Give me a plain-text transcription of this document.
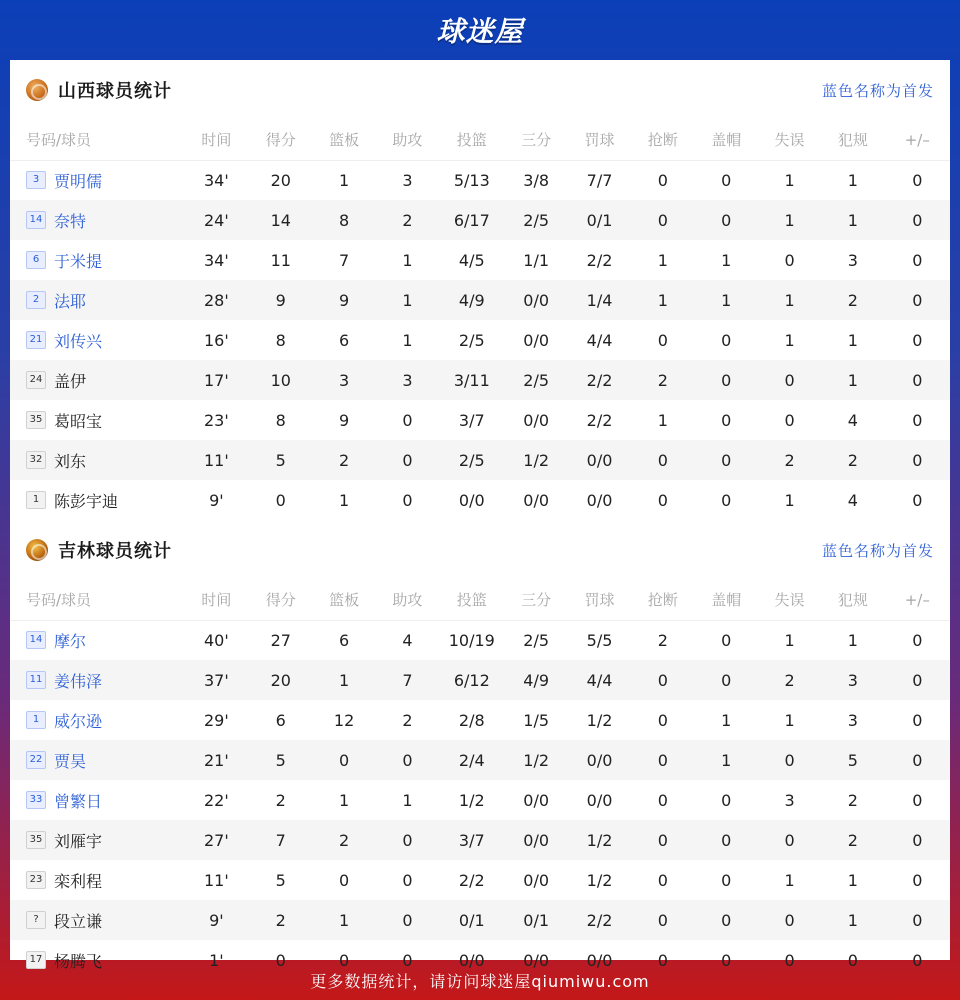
球迷屋
山西球员统计	蓝色名称为首发
号码/球员	时间	得分	篮板	助攻	投篮	三分	罚球	抢断	盖帽	失误	犯规	+/–
3 贾明儒	34'	20	1	3	5/13	3/8	7/7	0	0	1	1	0
14 奈特	24'	14	8	2	6/17	2/5	0/1	0	0	1	1	0
6 于米提	34'	11	7	1	4/5	1/1	2/2	1	1	0	3	0
2 法耶	28'	9	9	1	4/9	0/0	1/4	1	1	1	2	0
21 刘传兴	16'	8	6	1	2/5	0/0	4/4	0	0	1	1	0
24 盖伊	17'	10	3	3	3/11	2/5	2/2	2	0	0	1	0
35 葛昭宝	23'	8	9	0	3/7	0/0	2/2	1	0	0	4	0
32 刘东	11'	5	2	0	2/5	1/2	0/0	0	0	2	2	0
1 陈彭宇迪	9'	0	1	0	0/0	0/0	0/0	0	0	1	4	0
吉林球员统计	蓝色名称为首发
号码/球员	时间	得分	篮板	助攻	投篮	三分	罚球	抢断	盖帽	失误	犯规	+/–
14 摩尔	40'	27	6	4	10/19	2/5	5/5	2	0	1	1	0
11 姜伟泽	37'	20	1	7	6/12	4/9	4/4	0	0	2	3	0
1 威尔逊	29'	6	12	2	2/8	1/5	1/2	0	1	1	3	0
22 贾昊	21'	5	0	0	2/4	1/2	0/0	0	1	0	5	0
33 曾繁日	22'	2	1	1	1/2	0/0	0/0	0	0	3	2	0
35 刘雁宇	27'	7	2	0	3/7	0/0	1/2	0	0	0	2	0
23 栾利程	11'	5	0	0	2/2	0/0	1/2	0	0	1	1	0
? 段立谦	9'	2	1	0	0/1	0/1	2/2	0	0	0	1	0
17 杨腾飞	1'	0	0	0	0/0	0/0	0/0	0	0	0	0	0
更多数据统计，请访问球迷屋qiumiwu.com
